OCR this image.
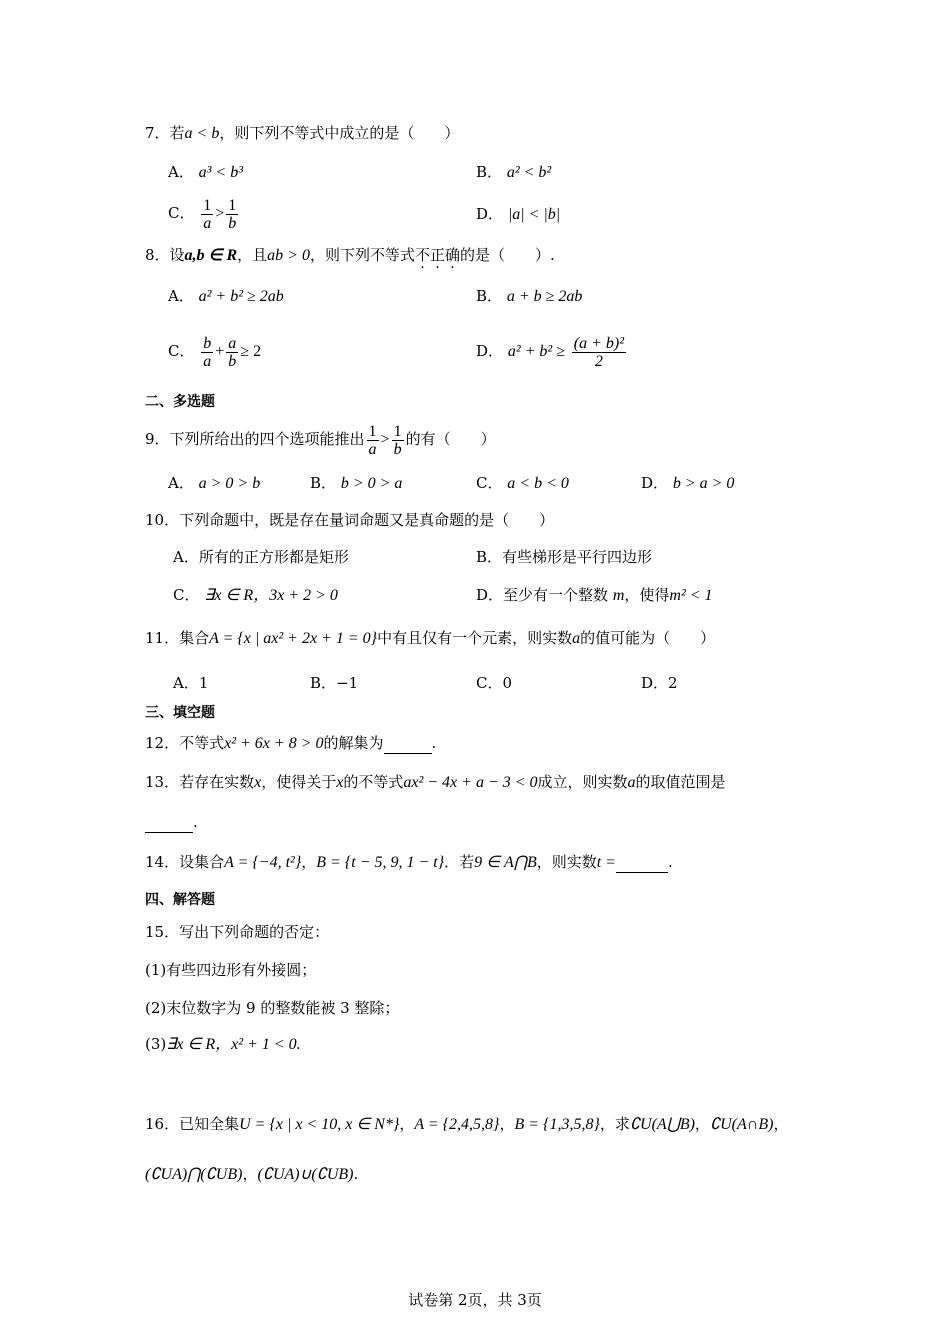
7．若a < b，则下列不等式中成立的是（　　）
A． a³ < b³	B． a² < b²
C． $\frac{1}{a} > \frac{1}{b}$	D． |a| < |b|
8．设a,b ∈ R，且ab > 0，则下列不等式不正确的是（　　）.
A． a² + b² ≥ 2ab	B． a + b ≥ 2ab
C． $\frac{b}{a} + \frac{a}{b} \ge 2$	D． $a^2 + b^2 \ge \frac{\text{(a + b)²}}{2}$
二、多选题
9．下列所给出的四个选项能推出 $\frac{1}{a} > \frac{1}{b}$ 的有（　　）
A． a > 0 > b	B． b > 0 > a	C． a < b < 0	D． b > a > 0
10．下列命题中，既是存在量词命题又是真命题的是（　　）
A．所有的正方形都是矩形	B．有些梯形是平行四边形
C． ∃x ∈ R，3x + 2 > 0	D．至少有一个整数 m，使得m² < 1
11．集合A = {x | ax² + 2x + 1 = 0}中有且仅有一个元素，则实数a的值可能为（　　）
A．1	B．−1	C．0	D．2
三、填空题
12．不等式x² + 6x + 8 > 0的解集为	.
13．若存在实数x，使得关于x的不等式ax² − 4x + a − 3 < 0成立，则实数a的取值范围是
.
14．设集合A = {−4, t²}，B = {t − 5, 9, 1 − t}．若9 ∈ A⋂B，则实数t =	.
四、解答题
15．写出下列命题的否定：
(1)有些四边形有外接圆；
(2)末位数字为 9 的整数能被 3 整除；
(3)∃x ∈ R，x² + 1 < 0.
16．已知全集U = {x | x < 10, x ∈ N*}，A = {2,4,5,8}，B = {1,3,5,8}，求∁U(A⋃B)，∁U(A∩B)，
(∁UA)⋂(∁UB)，(∁UA)∪(∁UB).
试卷第 2页，共 3页
